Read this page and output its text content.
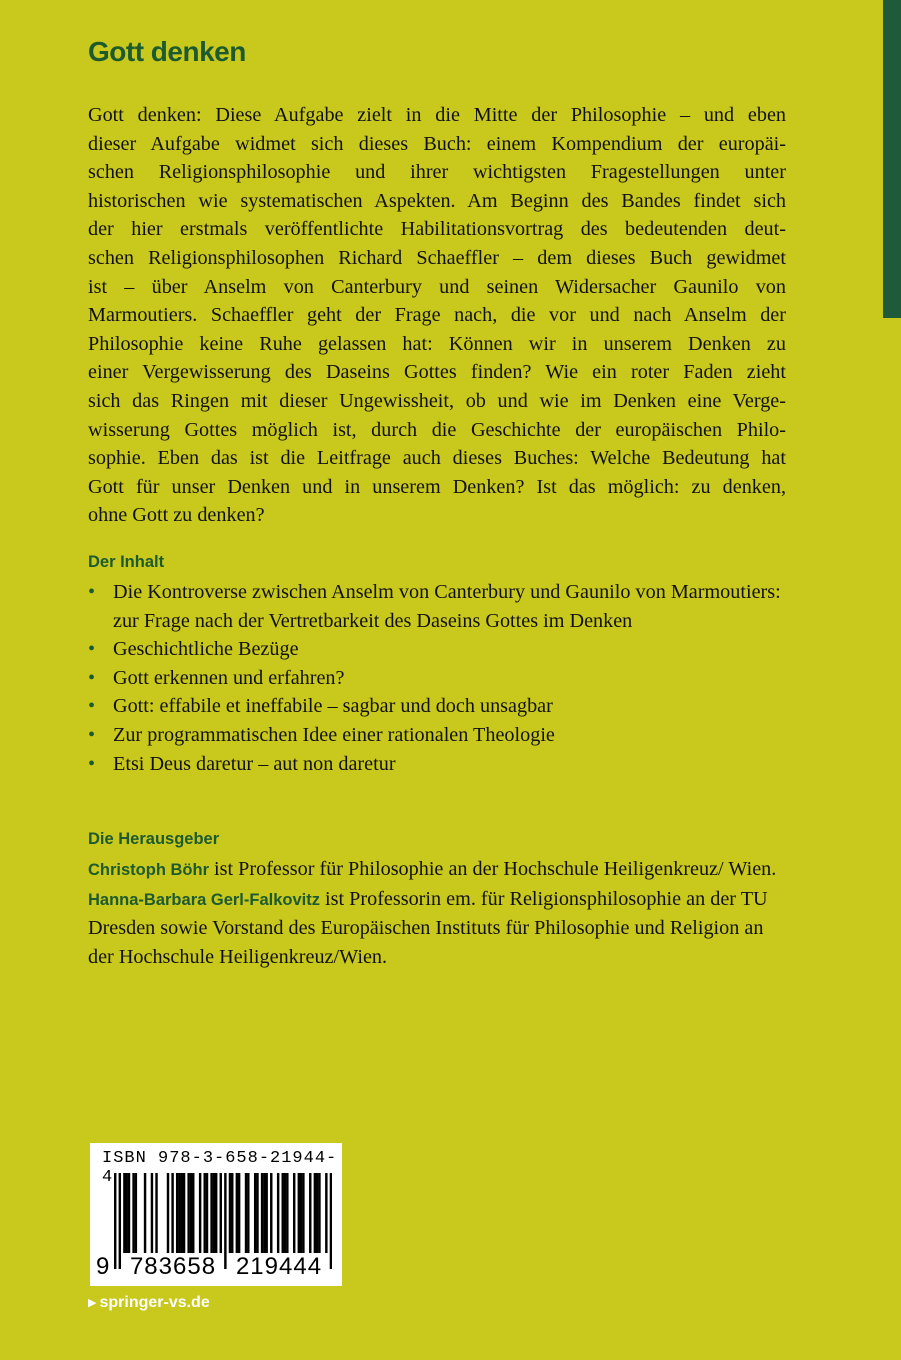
Gott denken
Gott denken: Diese Aufgabe zielt in die Mitte der Philosophie – und eben
dieser Aufgabe widmet sich dieses Buch: einem Kompendium der europäi-
schen Religionsphilosophie und ihrer wichtigsten Fragestellungen unter
historischen wie systematischen Aspekten. Am Beginn des Bandes findet sich
der hier erstmals veröffentlichte Habilitationsvortrag des bedeutenden deut-
schen Religionsphilosophen Richard Schaeffler – dem dieses Buch gewidmet
ist – über Anselm von Canterbury und seinen Widersacher Gaunilo von
Marmoutiers. Schaeffler geht der Frage nach, die vor und nach Anselm der
Philosophie keine Ruhe gelassen hat: Können wir in unserem Denken zu
einer Vergewisserung des Daseins Gottes finden? Wie ein roter Faden zieht
sich das Ringen mit dieser Ungewissheit, ob und wie im Denken eine Verge-
wisserung Gottes möglich ist, durch die Geschichte der europäischen Philo-
sophie. Eben das ist die Leitfrage auch dieses Buches: Welche Bedeutung hat
Gott für unser Denken und in unserem Denken? Ist das möglich: zu denken,
ohne Gott zu denken?
Der Inhalt
• Die Kontroverse zwischen Anselm von Canterbury und Gaunilo von Marmoutiers: zur Frage nach der Vertretbarkeit des Daseins Gottes im Denken
• Geschichtliche Bezüge
• Gott erkennen und erfahren?
• Gott: effabile et ineffabile – sagbar und doch unsagbar
• Zur programmatischen Idee einer rationalen Theologie
• Etsi Deus daretur – aut non daretur
Die Herausgeber

Christoph Böhr ist Professor für Philosophie an der Hochschule Heiligenkreuz/ Wien.

Hanna-Barbara Gerl-Falkovitz ist Professorin em. für Religionsphilosophie an der TU Dresden sowie Vorstand des Europäischen Instituts für Philosophie und Religion an der Hochschule Heiligenkreuz/Wien.

ISBN 978-3-658-21944-4
9 783658 219444
▶ springer-vs.de
